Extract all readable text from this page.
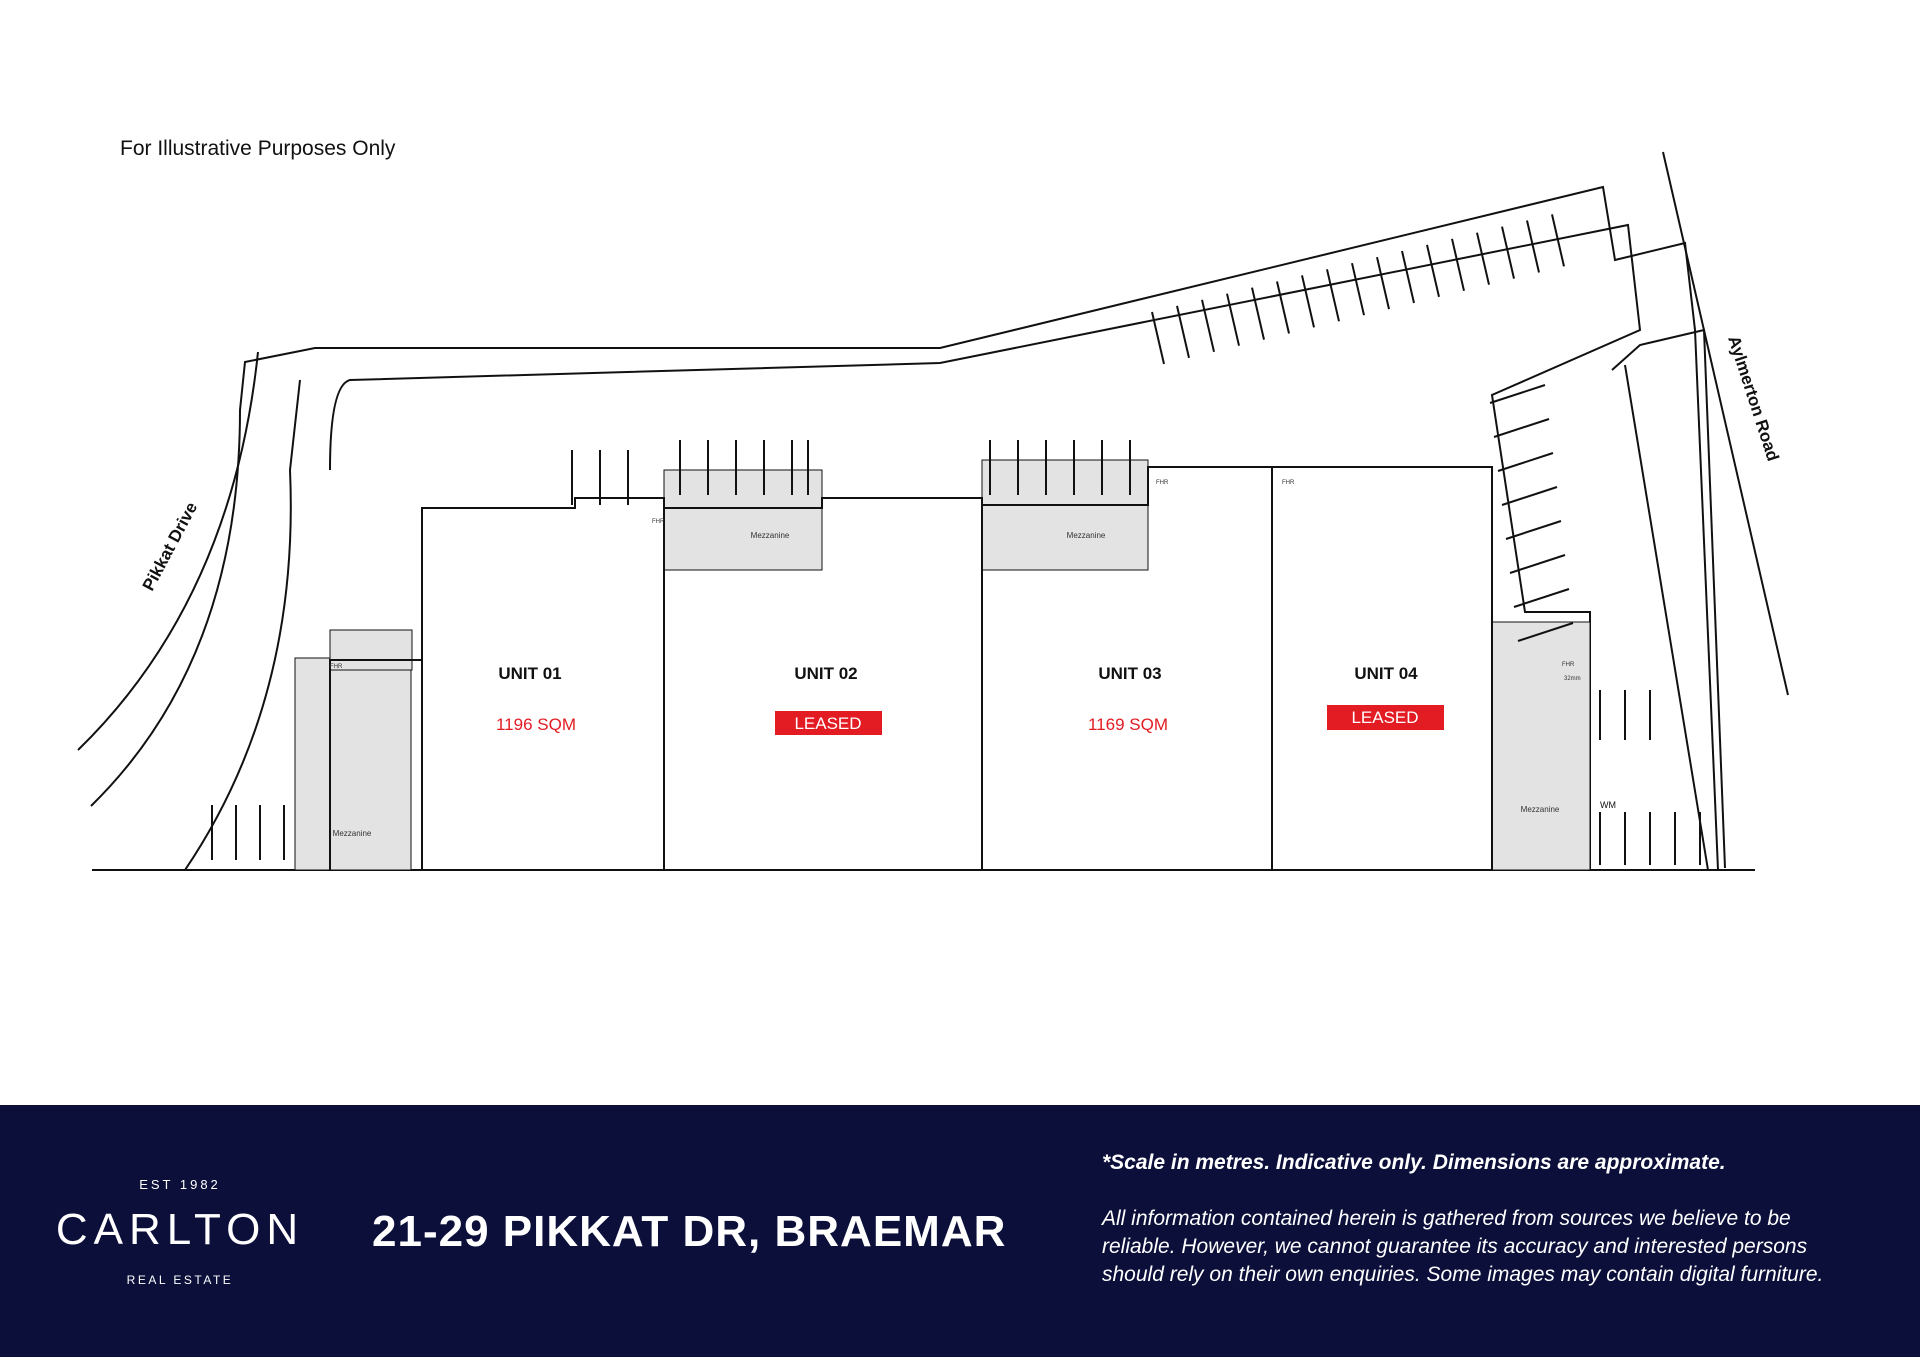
UNIT 01
1196 SQM
UNIT 02
LEASED
UNIT 03
1169 SQM
UNIT 04
LEASED
Mezzanine
Mezzanine	Mezzanine
Mezzanine
FHR
FHR	FHR
FHR	FHR
WM
32mm
Pikkat Drive
Aylmerton Road
For Illustrative Purposes Only
EST 1982
CARLTON
REAL ESTATE
21-29 PIKKAT DR, BRAEMAR
*Scale in metres. Indicative only. Dimensions are approximate.
All information contained herein is gathered from sources we believe to be
reliable. However, we cannot guarantee its accuracy and interested persons
should rely on their own enquiries. Some images may contain digital furniture.
